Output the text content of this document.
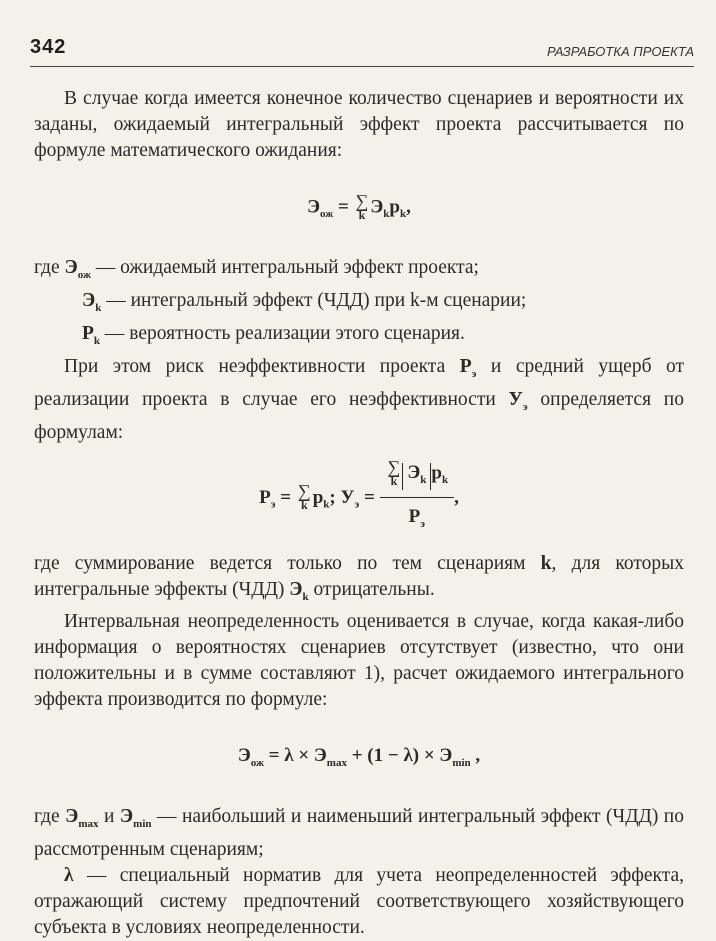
342	РАЗРАБОТКА ПРОЕКТА

В случае когда имеется конечное количество сценариев и вероятности их заданы, ожидаемый интегральный эффект проекта рассчитывается по формуле математического ожидания:

$Э_{ож}$ = ∑
k $Э_kp_k$,

где $Э_{ож}$ — ожидаемый интегральный эффект проекта;

$Э_k$ — интегральный эффект (ЧДД) при k-м сценарии;

$P_k$ — вероятность реализации этого сценария.

При этом риск неэффективности проекта $Р_э$ и средний ущерб от реализации проекта в случае его неэффективности $У_э$ определяется по формулам:

$Р_э$ = ∑
k $p_k$; $У_э$ = ∑
k $Э_k$ $p_k$
$Р_э$ ,

где суммирование ведется только по тем сценариям k, для которых интегральные эффекты (ЧДД) $Э_k$ отрицательны.

Интервальная неопределенность оценивается в случае, когда какая-либо информация о вероятностях сценариев отсутствует (известно, что они положительны и в сумме составляют 1), расчет ожидаемого интегрального эффекта производится по формуле:

$Э_{ож} = \lambda \times Э_{max} + (1 - \lambda) \times Э_{min}$ ,

где $Э_{max}$ и $Э_{min}$ — наибольший и наименьший интегральный эффект (ЧДД) по рассмотренным сценариям;

λ — специальный норматив для учета неопределенностей эффекта, отражающий систему предпочтений соответствующего хозяйствующего субъекта в условиях неопределенности.
